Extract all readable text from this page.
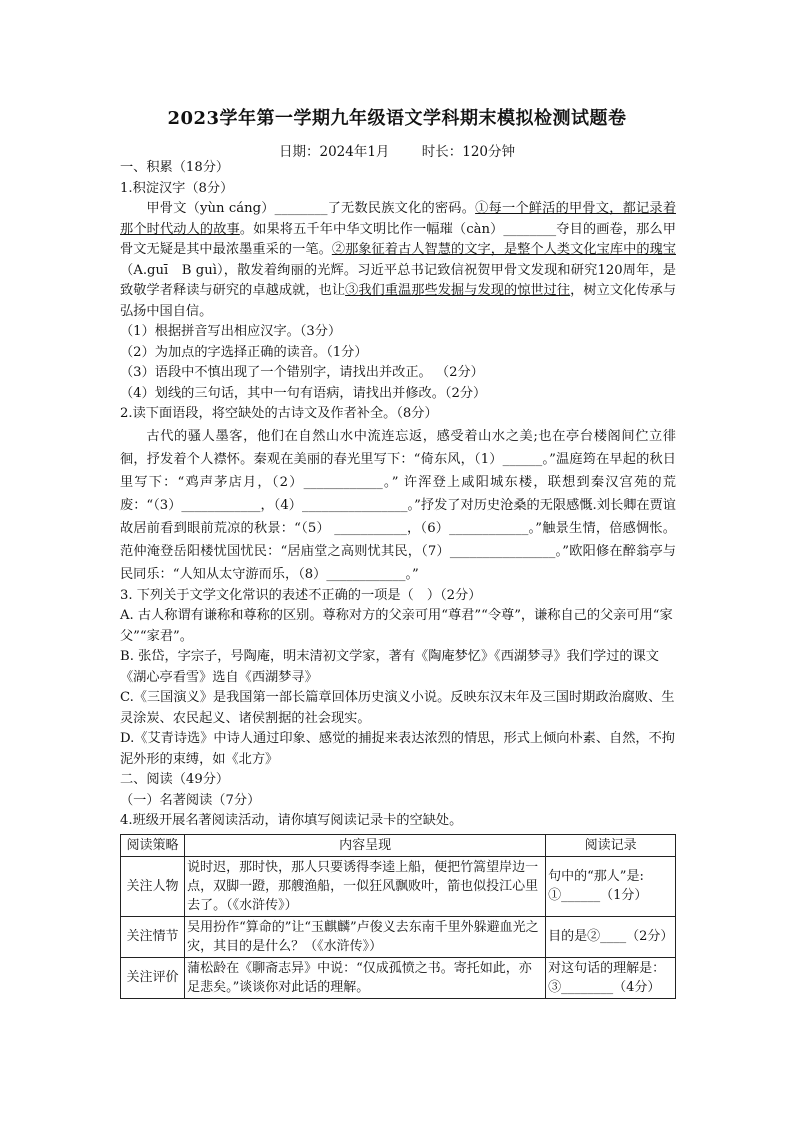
2023学年第一学期九年级语文学科期末模拟检测试题卷
日期：2024年1月 时长：120分钟

一、积累（18分）

1.积淀汉字（8分）

甲骨文（yùn cáng）________了无数民族文化的密码。①每一个鲜活的甲骨文，都记录着那个时代动人的故事。如果将五千年中华文明比作一幅璀（càn）________夺目的画卷，那么甲骨文无疑是其中最浓墨重采的一笔。②那象征着古人智慧的文字，是整个人类文化宝库中的瑰宝（A.guī　B guì），散发着绚丽的光辉。习近平总书记致信祝贺甲骨文发现和研究120周年，是致敬学者释读与研究的卓越成就，也让③我们重温那些发掘与发现的惊世过往，树立文化传承与弘扬中国自信。

（1）根据拼音写出相应汉字。（3分）

（2）为加点的字选择正确的读音。（1分）

（3）语段中不慎出现了一个错别字，请找出并改正。 （2分）

（4）划线的三句话，其中一句有语病，请找出并修改。（2分）

2.读下面语段，将空缺处的古诗文及作者补全。（8分）

古代的骚人墨客，他们在自然山水中流连忘返，感受着山水之美;也在亭台楼阁间伫立徘徊，抒发着个人襟怀。秦观在美丽的春光里写下：“倚东风，（1）______。”温庭筠在早起的秋日里写下：“鸡声茅店月，（2）____________。” 许浑登上咸阳城东楼，联想到秦汉宫苑的荒废：“（3）____________，（4）________________。”抒发了对历史沧桑的无限感慨.刘长卿在贾谊故居前看到眼前荒凉的秋景：“（5） ___________，（6）____________。”触景生情，倍感惆怅。范仲淹登岳阳楼忧国忧民：“居庙堂之高则忧其民，（7）________________。”欧阳修在醉翁亭与民同乐：“人知从太守游而乐，（8）____________。”

3. 下列关于文学文化常识的表述不正确的一项是（　）（2分）

A. 古人称谓有谦称和尊称的区别。尊称对方的父亲可用“尊君”“令尊”，谦称自己的父亲可用“家父”“家君”。

B. 张岱，字宗子，号陶庵，明末清初文学家，著有《陶庵梦忆》《西湖梦寻》我们学过的课文《湖心亭看雪》选自《西湖梦寻》

C.《三国演义》是我国第一部长篇章回体历史演义小说。反映东汉末年及三国时期政治腐败、生灵涂炭、农民起义、诸侯割据的社会现实。

D.《艾青诗选》中诗人通过印象、感觉的捕捉来表达浓烈的情思，形式上倾向朴素、自然，不拘泥外形的束缚，如《北方》

二、阅读（49分）

（一）名著阅读（7分）

4.班级开展名著阅读活动，请你填写阅读记录卡的空缺处。

阅读策略	内容呈现	阅读记录
关注人物	说时迟，那时快，那人只要诱得李逵上船，便把竹篙望岸边一点，双脚一蹬，那艘渔船，一似狂风飘败叶，箭也似投江心里去了。（《水浒传》）	句中的“那人”是: ①______（1分）
关注情节	吴用扮作“算命的”让“玉麒麟”卢俊义去东南千里外躲避血光之灾，其目的是什么？（《水浒传》）	目的是②____（2分）
关注评价	蒲松龄在《聊斋志异》中说：“仅成孤愤之书。寄托如此，亦足悲矣。”谈谈你对此话的理解。	对这句话的理解是：③________（4分）
